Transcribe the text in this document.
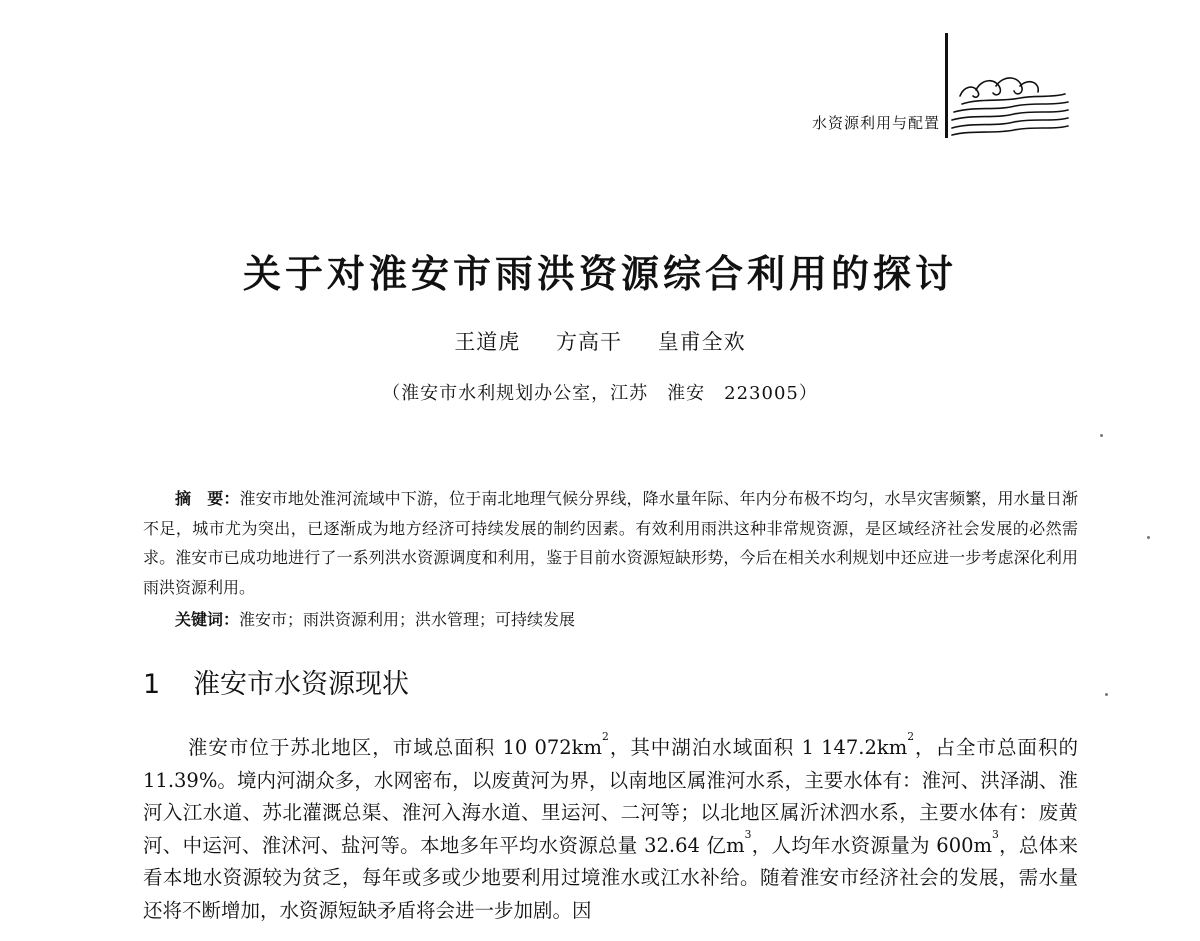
水资源利用与配置
关于对淮安市雨洪资源综合利用的探讨
王道虎 方高干 皇甫全欢
（淮安市水利规划办公室，江苏　淮安　223005）

摘　要：淮安市地处淮河流域中下游，位于南北地理气候分界线，降水量年际、年内分布极不均匀，水旱灾害频繁，用水量日渐不足，城市尤为突出，已逐渐成为地方经济可持续发展的制约因素。有效利用雨洪这种非常规资源，是区域经济社会发展的必然需求。淮安市已成功地进行了一系列洪水资源调度和利用，鉴于目前水资源短缺形势，今后在相关水利规划中还应进一步考虑深化利用雨洪资源利用。

关键词：淮安市；雨洪资源利用；洪水管理；可持续发展

1 淮安市水资源现状

淮安市位于苏北地区，市域总面积 10 $072km^2$，其中湖泊水域面积 1 $147.2km^2$，占全市总面积的 11.39%。境内河湖众多，水网密布，以废黄河为界，以南地区属淮河水系，主要水体有：淮河、洪泽湖、淮河入江水道、苏北灌溉总渠、淮河入海水道、里运河、二河等；以北地区属沂沭泗水系，主要水体有：废黄河、中运河、淮沭河、盐河等。本地多年平均水资源总量 32.64 亿$m^3$，人均年水资源量为 $600m^3$，总体来看本地水资源较为贫乏，每年或多或少地要利用过境淮水或江水补给。随着淮安市经济社会的发展，需水量还将不断增加，水资源短缺矛盾将会进一步加剧。因
